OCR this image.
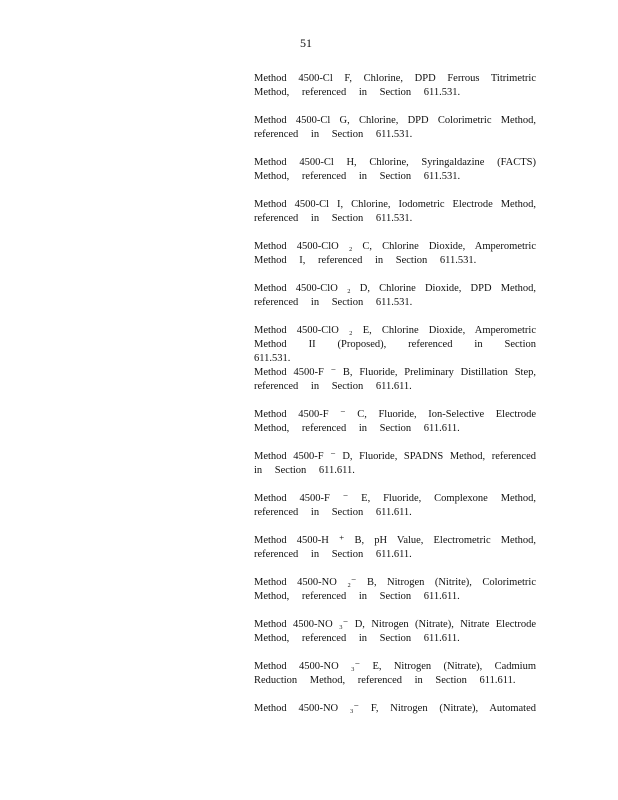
51
Method 4500-Cl F, Chlorine, DPD Ferrous Titrimetric
Method, referenced in Section 611.531.
Method 4500-Cl G, Chlorine, DPD Colorimetric Method,
referenced in Section 611.531.
Method 4500-Cl H, Chlorine, Syringaldazine (FACTS)
Method, referenced in Section 611.531.
Method 4500-Cl I, Chlorine, Iodometric Electrode Method,
referenced in Section 611.531.
Method 4500-ClO ₂ C, Chlorine Dioxide, Amperometric
Method I, referenced in Section 611.531.
Method 4500-ClO ₂ D, Chlorine Dioxide, DPD Method,
referenced in Section 611.531.
Method 4500-ClO ₂ E, Chlorine Dioxide, Amperometric
Method II (Proposed), referenced in Section 611.531.
Method 4500-F ⁻ B, Fluoride, Preliminary Distillation Step,
referenced in Section 611.611.
Method 4500-F ⁻ C, Fluoride, Ion-Selective Electrode
Method, referenced in Section 611.611.
Method 4500-F ⁻ D, Fluoride, SPADNS Method, referenced
in Section 611.611.
Method 4500-F ⁻ E, Fluoride, Complexone Method,
referenced in Section 611.611.
Method 4500-H ⁺ B, pH Value, Electrometric Method,
referenced in Section 611.611.
Method 4500-NO ₂⁻ B, Nitrogen (Nitrite), Colorimetric
Method, referenced in Section 611.611.
Method 4500-NO ₃⁻ D, Nitrogen (Nitrate), Nitrate Electrode
Method, referenced in Section 611.611.
Method 4500-NO ₃⁻ E, Nitrogen (Nitrate), Cadmium
Reduction Method, referenced in Section 611.611.
Method 4500-NO ₃⁻ F, Nitrogen (Nitrate), Automated
